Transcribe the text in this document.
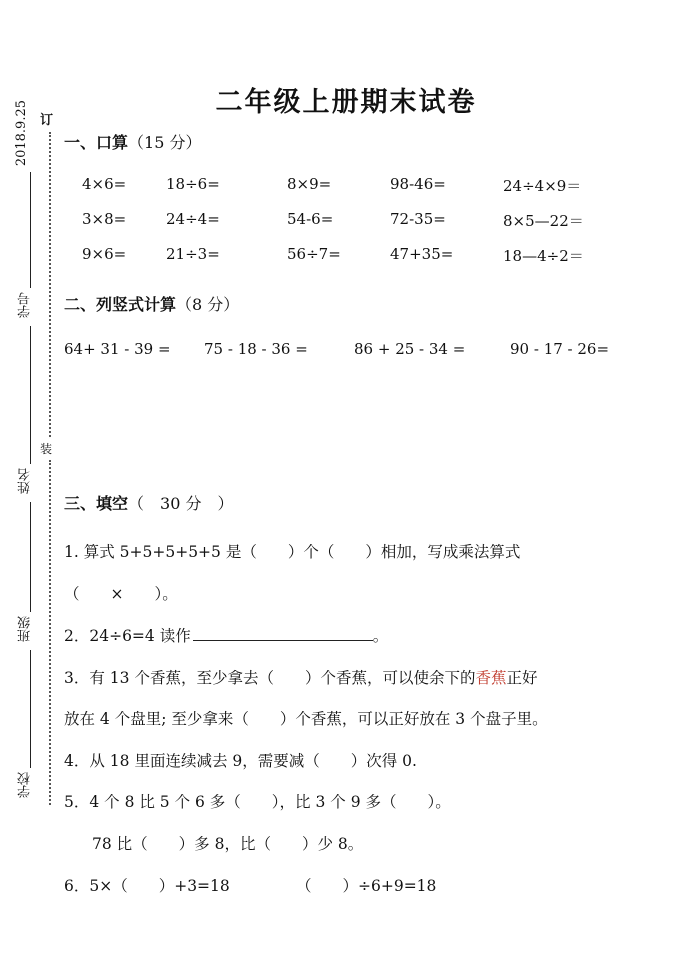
2018.9.25
学号
姓名
班级
学校
订
装
二年级上册期末试卷
一、口算（15 分）
4×6=	18÷6=	8×9=	98-46=	24÷4×9＝
3×8=	24÷4=	54-6=	72-35=	8×5—22＝
9×6=	21÷3=	56÷7=	47+35=	18—4÷2＝
二、列竖式计算（8 分）
64+ 31 - 39 = 75 - 18 - 36 =	86 + 25 - 34 =	90 - 17 - 26=
三、填空（　30 分　）
1. 算式 5+5+5+5+5 是（　　）个（　　）相加，写成乘法算式
（　　×　　）。
2．24÷6=4 读作	。
3．有 13 个香蕉，至少拿去（　　）个香蕉，可以使余下的香蕉正好
放在 4 个盘里; 至少拿来（　　）个香蕉，可以正好放在 3 个盘子里。
4．从 18 里面连续减去 9，需要减（　　）次得 0.
5．4 个 8 比 5 个 6 多（　　），比 3 个 9 多（　　）。
78 比（　　）多 8，比（　　）少 8。
6．5×（　　）+3=18	（　　）÷6+9=18
